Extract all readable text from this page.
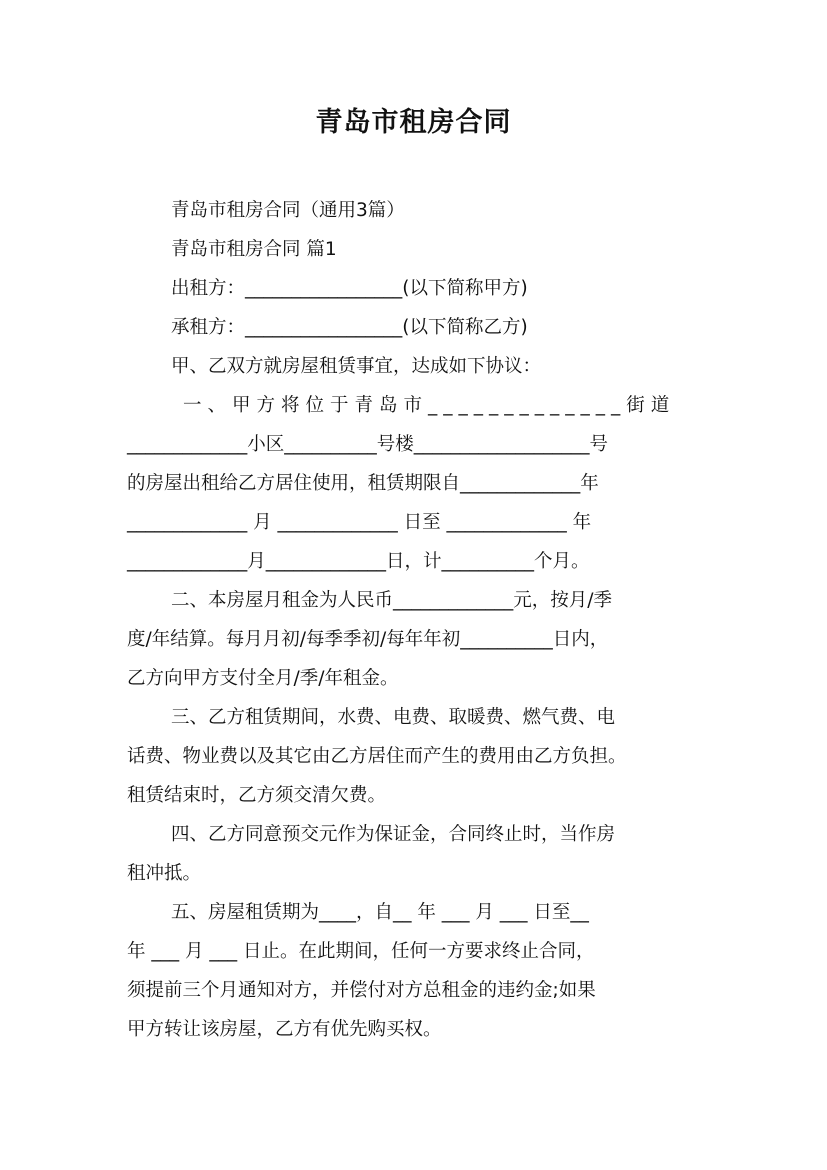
青岛市租房合同
青岛市租房合同（通用3篇）
青岛市租房合同 篇1
出租方：_________________(以下简称甲方)
承租方：_________________(以下简称乙方)
甲、乙双方就房屋租赁事宜，达成如下协议：
一、甲方将位于青岛市_____________街道
_____________小区__________号楼___________________号
的房屋出租给乙方居住使用，租赁期限自_____________年
_____________ 月 _____________ 日至 _____________ 年
_____________月_____________日，计__________个月。
二、本房屋月租金为人民币_____________元，按月/季
度/年结算。每月月初/每季季初/每年年初__________日内，
乙方向甲方支付全月/季/年租金。
三、乙方租赁期间，水费、电费、取暖费、燃气费、电
话费、物业费以及其它由乙方居住而产生的费用由乙方负担。
租赁结束时，乙方须交清欠费。
四、乙方同意预交元作为保证金，合同终止时，当作房
租冲抵。
五、房屋租赁期为____，自__ 年 ___ 月 ___ 日至__
年 ___ 月 ___ 日止。在此期间，任何一方要求终止合同，
须提前三个月通知对方，并偿付对方总租金的违约金;如果
甲方转让该房屋，乙方有优先购买权。
